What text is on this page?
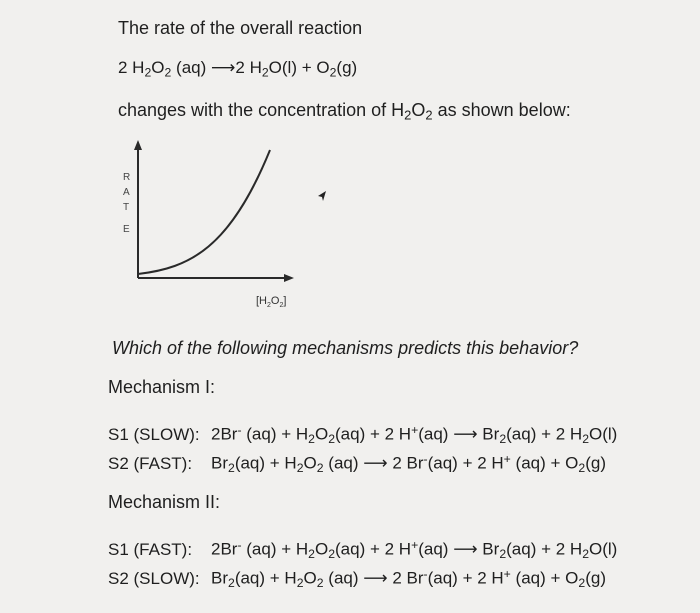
The rate of the overall reaction
2 $H_2O_2$ (aq) ⟶2 $H_2O(l) + O_2(g)$
changes with the concentration of $H_2O_2$ as shown below:
R
A
T
E
$[H_2O_2]$
Which of the following mechanisms predicts this behavior?
Mechanism I:
S1 (SLOW): 2Br- $(aq) + H_2O_2(aq) + 2$ H+(aq) ⟶ $Br_2(aq) + 2$ $H_2O(l)$
S2 (FAST): $Br_2(aq) + H_2O_2$ (aq) ⟶ 2 Br-(aq) + 2 H+ $(aq) + O_2(g)$
Mechanism II:
S1 (FAST): 2Br- $(aq) + H_2O_2(aq) + 2$ H+(aq) ⟶ $Br_2(aq) + 2$ $H_2O(l)$
S2 (SLOW): $Br_2(aq) + H_2O_2$ (aq) ⟶ 2 Br-(aq) + 2 H+ $(aq) + O_2(g)$
